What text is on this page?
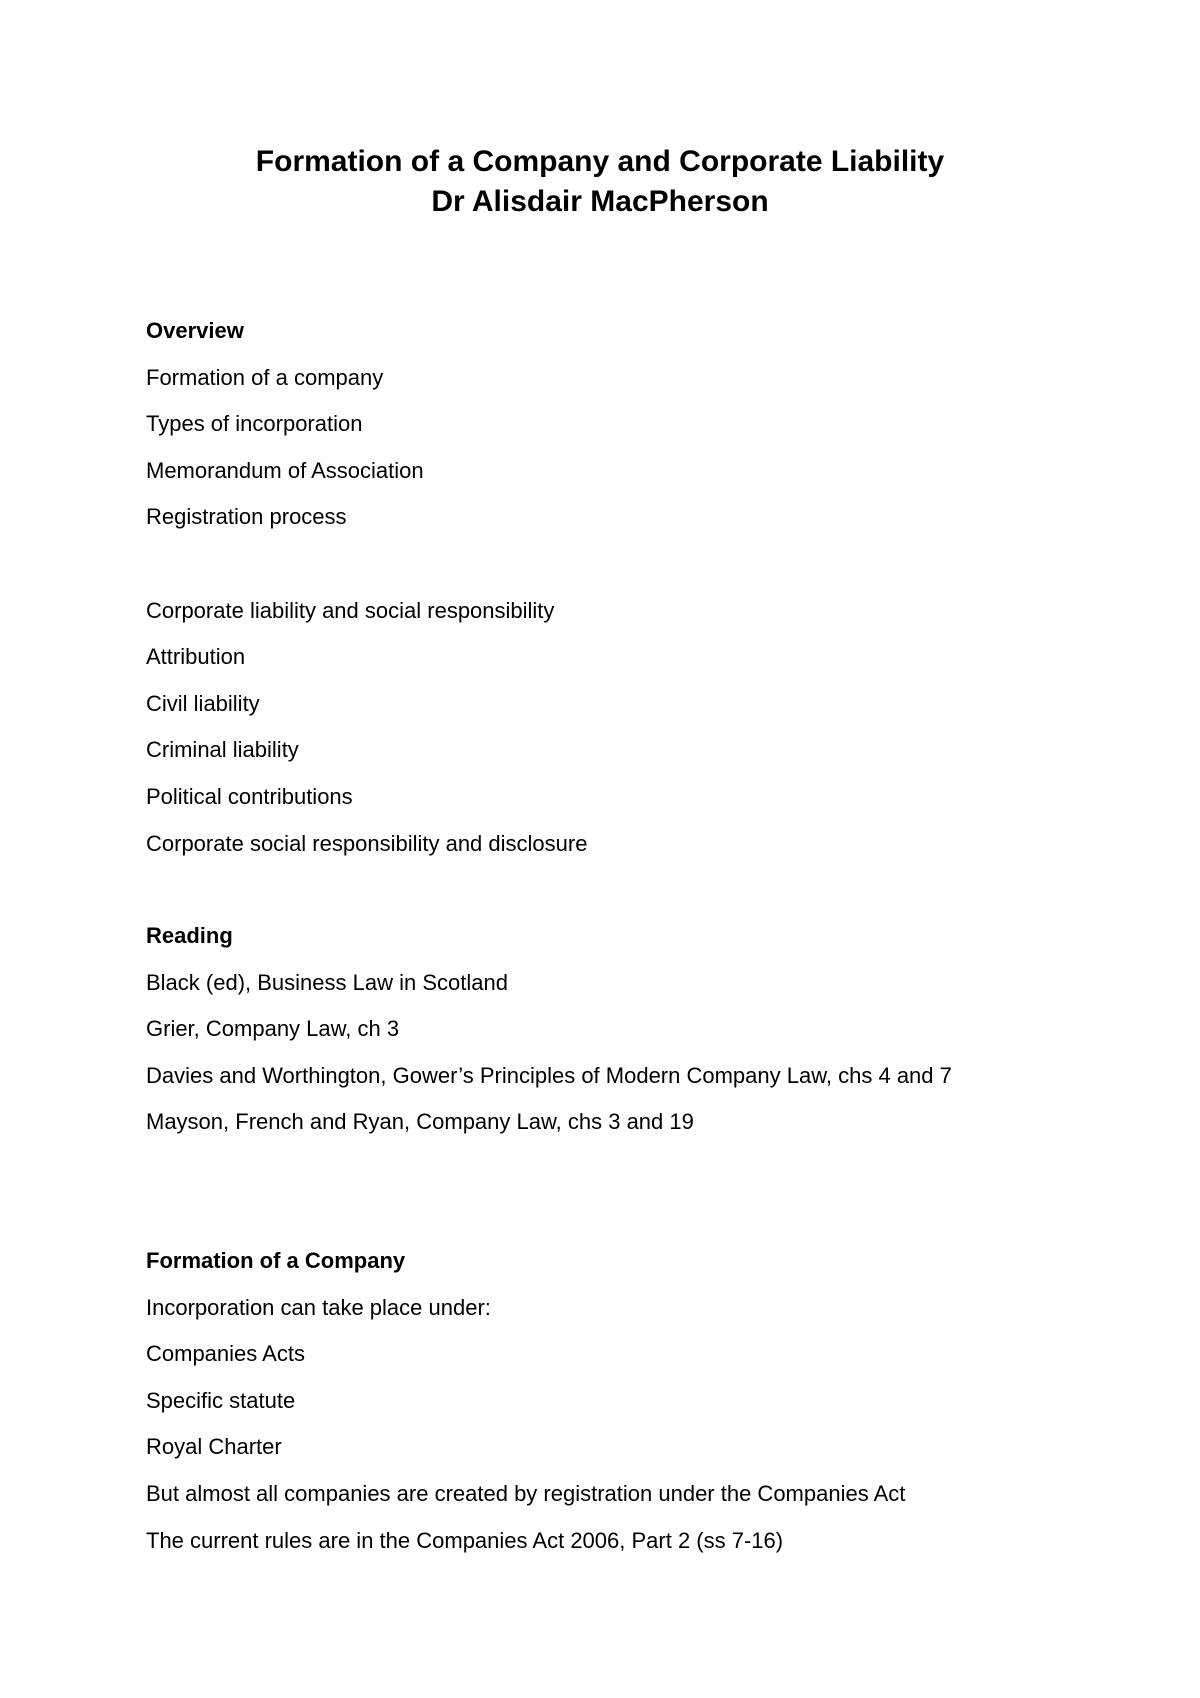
Formation of a Company and Corporate Liability

Dr Alisdair MacPherson

Overview

Formation of a company

Types of incorporation

Memorandum of Association

Registration process

Corporate liability and social responsibility

Attribution

Civil liability

Criminal liability

Political contributions

Corporate social responsibility and disclosure

Reading

Black (ed), Business Law in Scotland

Grier, Company Law, ch 3

Davies and Worthington, Gower’s Principles of Modern Company Law, chs 4 and 7

Mayson, French and Ryan, Company Law, chs 3 and 19

Formation of a Company

Incorporation can take place under:

Companies Acts

Specific statute

Royal Charter

But almost all companies are created by registration under the Companies Act

The current rules are in the Companies Act 2006, Part 2 (ss 7-16)
